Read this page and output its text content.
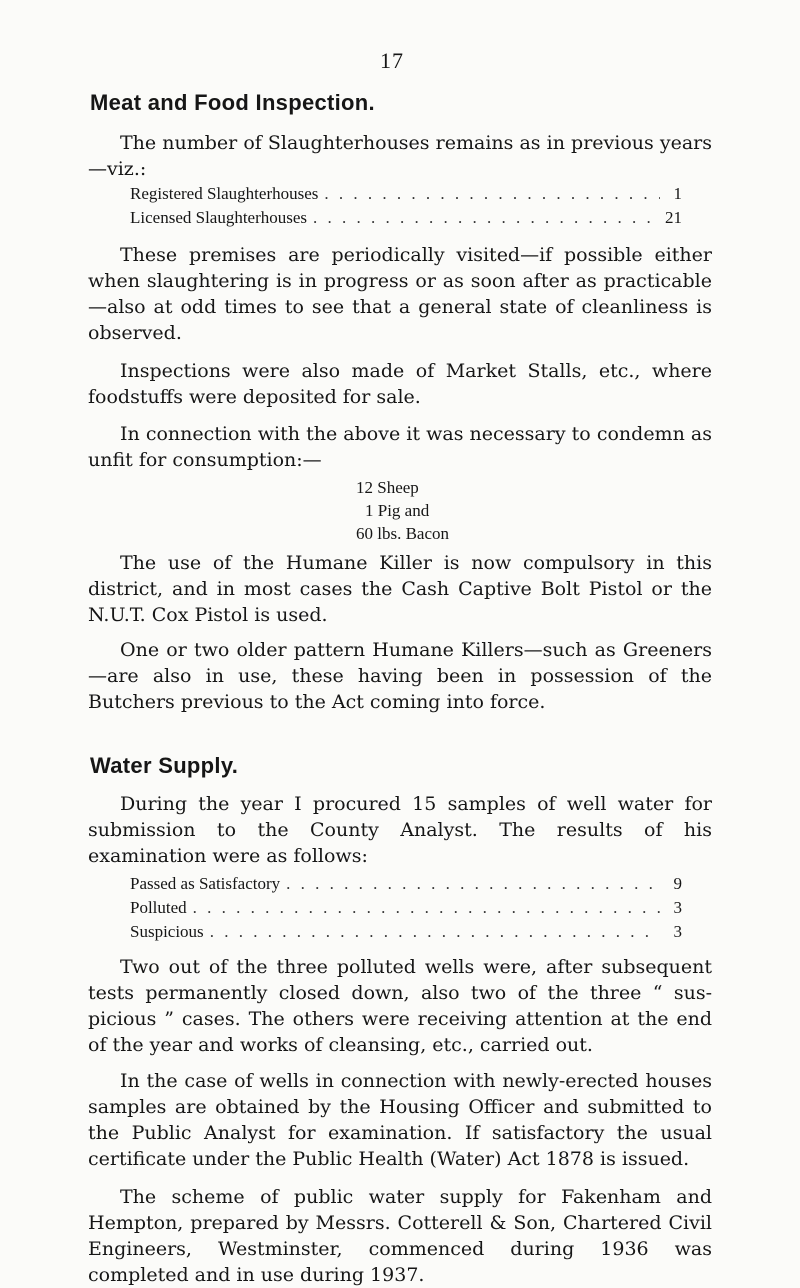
17
Meat and Food Inspection.

The number of Slaughterhouses remains as in previous years—viz.:

Registered Slaughterhouses . .	1
Licensed Slaughterhouses . .	21

These premises are periodically visited—if possible either when slaughtering is in progress or as soon after as practicable —also at odd times to see that a general state of cleanliness is observed.

Inspections were also made of Market Stalls, etc., where foodstuffs were deposited for sale.

In connection with the above it was necessary to condemn as unfit for consumption:—

12 Sheep
1 Pig and
60 lbs. Bacon

The use of the Humane Killer is now compulsory in this district, and in most cases the Cash Captive Bolt Pistol or the N.U.T. Cox Pistol is used.

One or two older pattern Humane Killers—such as Greeners —are also in use, these having been in possession of the Butchers previous to the Act coming into force.

Water Supply.

During the year I procured 15 samples of well water for submission to the County Analyst. The results of his examination were as follows:

Passed as Satisfactory . .	9
Polluted . .	3
Suspicious . .	3

Two out of the three polluted wells were, after subsequent tests permanently closed down, also two of the three “ sus- picious ” cases. The others were receiving attention at the end of the year and works of cleansing, etc., carried out.

In the case of wells in connection with newly-erected houses samples are obtained by the Housing Officer and submitted to the Public Analyst for examination. If satisfactory the usual certificate under the Public Health (Water) Act 1878 is issued.

The scheme of public water supply for Fakenham and Hempton, prepared by Messrs. Cotterell & Son, Chartered Civil Engineers, Westminster, commenced during 1936 was completed and in use during 1937.
